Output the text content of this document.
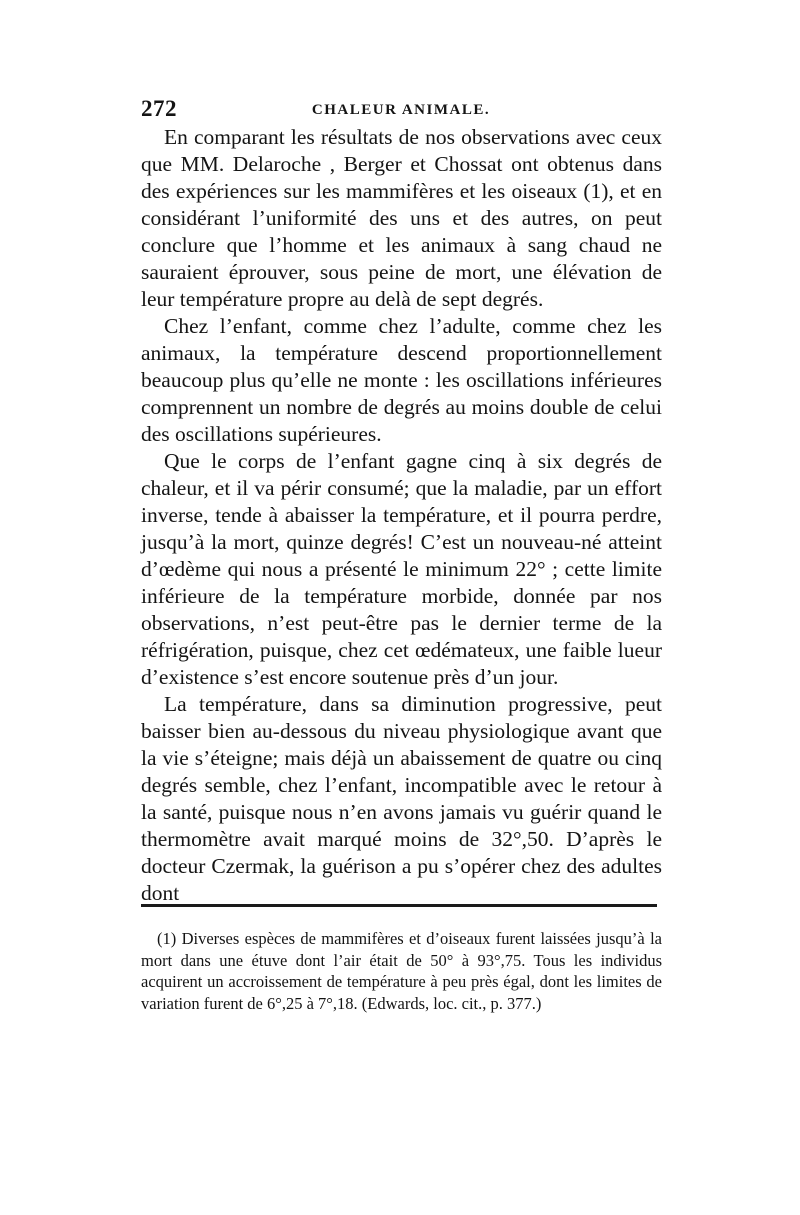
272	CHALEUR ANIMALE.

En comparant les résultats de nos observations avec ceux que MM. Delaroche , Berger et Chossat ont obtenus dans des expériences sur les mammifères et les oiseaux (1), et en considérant l’uniformité des uns et des autres, on peut conclure que l’homme et les animaux à sang chaud ne sauraient éprouver, sous peine de mort, une élévation de leur température propre au delà de sept degrés.

Chez l’enfant, comme chez l’adulte, comme chez les animaux, la température descend proportionnellement beaucoup plus qu’elle ne monte : les oscillations inférieures comprennent un nombre de degrés au moins double de celui des oscillations supérieures.

Que le corps de l’enfant gagne cinq à six degrés de chaleur, et il va périr consumé; que la maladie, par un effort inverse, tende à abaisser la température, et il pourra perdre, jusqu’à la mort, quinze degrés! C’est un nouveau-né atteint d’œdème qui nous a présenté le minimum 22° ; cette limite inférieure de la température morbide, donnée par nos observations, n’est peut-être pas le dernier terme de la réfrigération, puisque, chez cet œdémateux, une faible lueur d’existence s’est encore soutenue près d’un jour.

La température, dans sa diminution progressive, peut baisser bien au-dessous du niveau physiologique avant que la vie s’éteigne; mais déjà un abaissement de quatre ou cinq degrés semble, chez l’enfant, incompatible avec le retour à la santé, puisque nous n’en avons jamais vu guérir quand le thermomètre avait marqué moins de 32°,50. D’après le docteur Czermak, la guérison a pu s’opérer chez des adultes dont

(1) Diverses espèces de mammifères et d’oiseaux furent laissées jusqu’à la mort dans une étuve dont l’air était de 50° à 93°,75. Tous les individus acquirent un accroissement de température à peu près égal, dont les limites de variation furent de 6°,25 à 7°,18. (Edwards, loc. cit., p. 377.)
